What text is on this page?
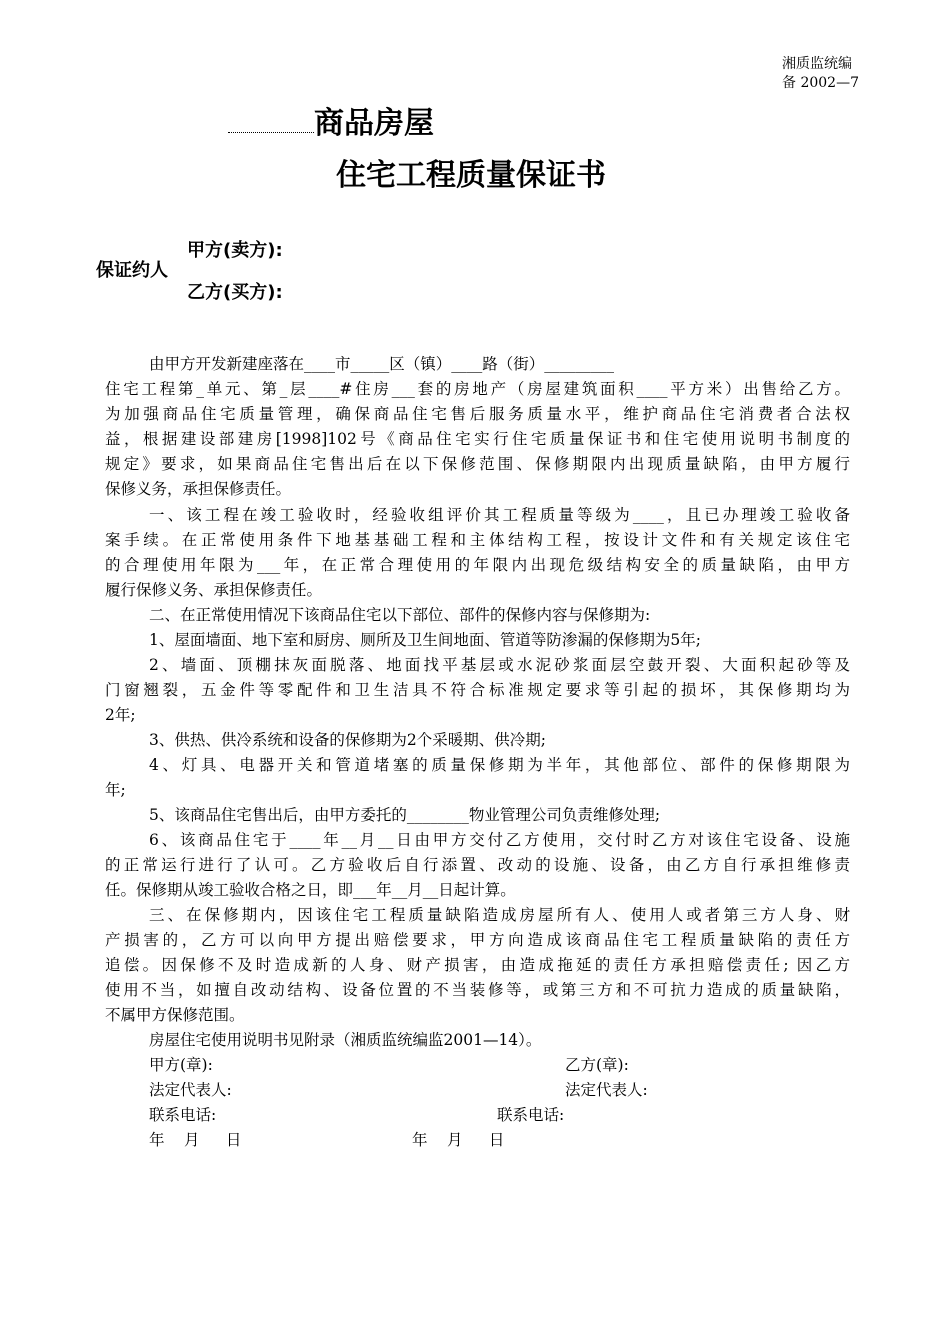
湘质监统编
备 2002—7
商品房屋
住宅工程质量保证书
保证约人
甲方(卖方):
乙方(买方):
由甲方开发新建座落在____市_____区（镇）____路（街）_________
住宅工程第_单元、第_层____#住房___套的房地产（房屋建筑面积____平方米）出售给乙方。
为加强商品住宅质量管理，确保商品住宅售后服务质量水平，维护商品住宅消费者合法权
益，根据建设部建房[1998]102号《商品住宅实行住宅质量保证书和住宅使用说明书制度的
规定》要求，如果商品住宅售出后在以下保修范围、保修期限内出现质量缺陷，由甲方履行
保修义务，承担保修责任。
一、该工程在竣工验收时，经验收组评价其工程质量等级为____，且已办理竣工验收备
案手续。在正常使用条件下地基基础工程和主体结构工程，按设计文件和有关规定该住宅
的合理使用年限为___年，在正常合理使用的年限内出现危级结构安全的质量缺陷，由甲方
履行保修义务、承担保修责任。
二、在正常使用情况下该商品住宅以下部位、部件的保修内容与保修期为:
1、屋面墙面、地下室和厨房、厕所及卫生间地面、管道等防渗漏的保修期为5年;
2、墙面、顶棚抹灰面脱落、地面找平基层或水泥砂浆面层空鼓开裂、大面积起砂等及
门窗翘裂，五金件等零配件和卫生洁具不符合标准规定要求等引起的损坏，其保修期均为
2年;
3、供热、供冷系统和设备的保修期为2个采暖期、供冷期;
4、灯具、电器开关和管道堵塞的质量保修期为半年，其他部位、部件的保修期限为
年;
5、该商品住宅售出后，由甲方委托的________物业管理公司负责维修处理;
6、该商品住宅于____年__月__日由甲方交付乙方使用，交付时乙方对该住宅设备、设施
的正常运行进行了认可。乙方验收后自行添置、改动的设施、设备，由乙方自行承担维修责
任。保修期从竣工验收合格之日，即___年__月__日起计算。
三、在保修期内，因该住宅工程质量缺陷造成房屋所有人、使用人或者第三方人身、财
产损害的，乙方可以向甲方提出赔偿要求，甲方向造成该商品住宅工程质量缺陷的责任方
追偿。因保修不及时造成新的人身、财产损害，由造成拖延的责任方承担赔偿责任; 因乙方
使用不当，如擅自改动结构、设备位置的不当装修等，或第三方和不可抗力造成的质量缺陷，
不属甲方保修范围。
房屋住宅使用说明书见附录（湘质监统编监2001—14）。
甲方(章):	乙方(章):
法定代表人:	法定代表人:
联系电话:	联系电话:
年　月　 日	年　月　 日
